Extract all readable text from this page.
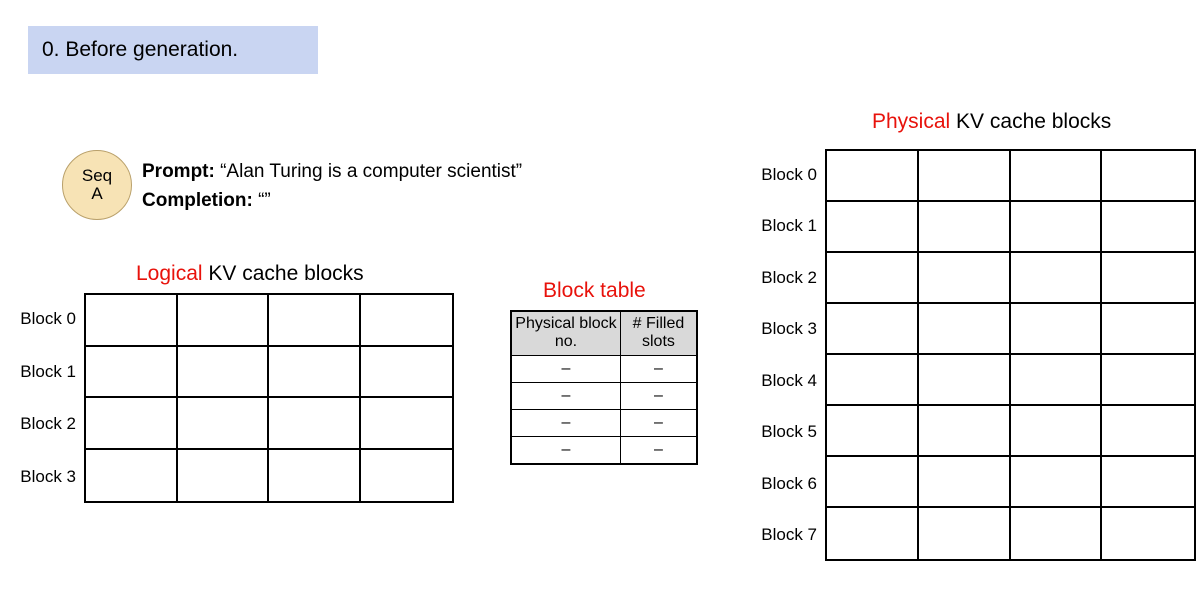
0. Before generation.
Seq
A
Prompt: “Alan Turing is a computer scientist”
Completion: “”
Logical KV cache blocks
Block 0
Block 1
Block 2
Block 3
Block table
Physical block no.	# Filled slots
–	–
–	–
–	–
–	–
Physical KV cache blocks
Block 0
Block 1
Block 2
Block 3
Block 4
Block 5
Block 6
Block 7
